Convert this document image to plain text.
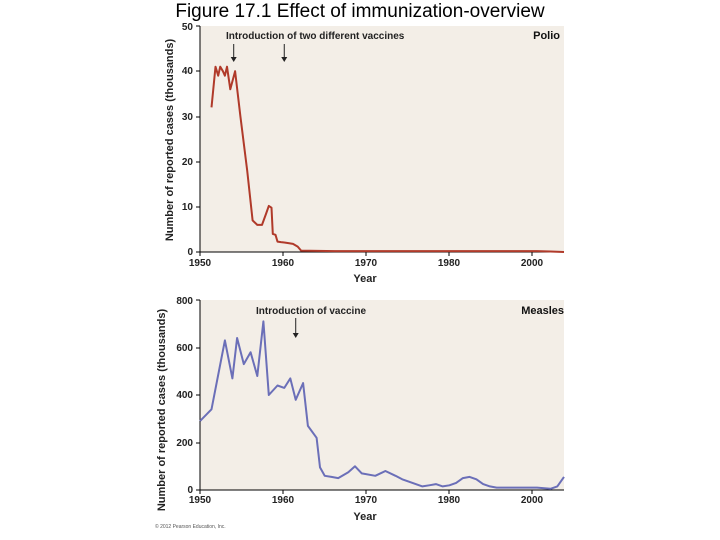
Figure 17.1 Effect of immunization-overview
1950	1960	1970	1980	2000
0
10
20
30
40
50
Year
Number of reported cases (thousands)
Introduction of two different vaccines	Polio
1950	1960	1970	1980	2000
0
200
400
600
800
Year
Number of reported cases (thousands)	Introduction of vaccine	Measles
© 2012 Pearson Education, Inc.
